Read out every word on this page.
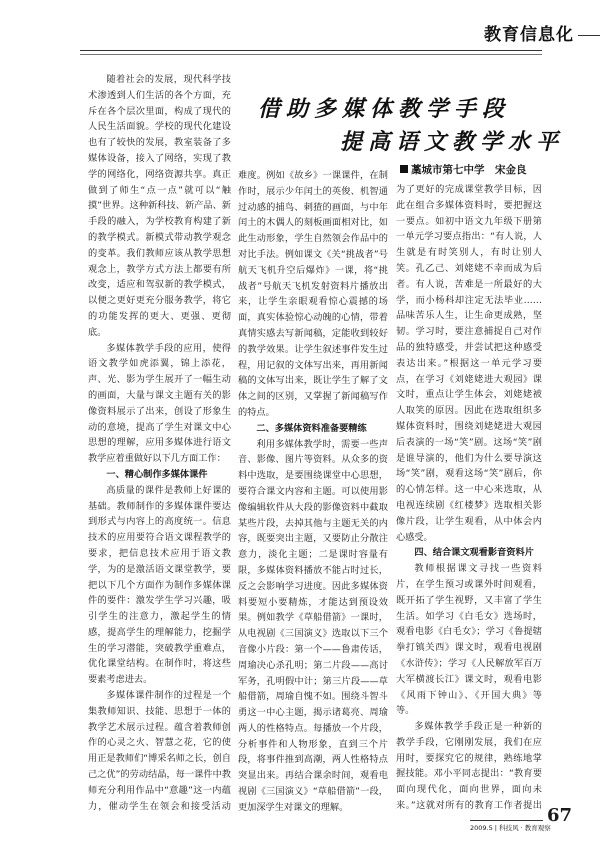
教育信息化
借助多媒体教学手段
提高语文教学水平
藁城市第七中学　宋金良

随着社会的发展，现代科学技术渗透到人们生活的各个方面，充斥在各个层次里面，构成了现代的人民生活面貌。学校的现代化建设也有了较快的发展，教室装备了多媒体设备，接入了网络，实现了教学的网络化，网络资源共享。真正做到了师生“点一点”就可以“触摸”世界。这种新科技、新产品、新手段的融入，为学校教育构建了新的教学模式。新模式带动教学观念的变革。我们教师应该从教学思想观念上，教学方式方法上都要有所改变，适应和驾驭新的教学模式，以便之更好更充分服务教学，将它的功能发挥的更大、更强、更彻底。

多媒体教学手段的应用，使得语文教学如虎添翼，锦上添花，声、光、影为学生展开了一幅生动的画面，大量与课文主题有关的影像资料展示了出来，创设了形象生动的意境，提高了学生对课文中心思想的理解，应用多媒体进行语文教学应着重做好以下几方面工作：

一、精心制作多媒体课件

高质量的课件是教师上好课的基础。教师制作的多媒体课件要达到形式与内容上的高度统一。信息技术的应用要符合语文课程教学的要求，把信息技术应用于语文教学，为的是激活语文课堂教学，要把以下几个方面作为制作多媒体课件的要件：激发学生学习兴趣，吸引学生的注意力，激起学生的情感，提高学生的理解能力，挖掘学生的学习潜能，突破教学重难点，优化课堂结构。在制作时，将这些要素考虑进去。

多媒体课件制作的过程是一个集教师知识、技能、思想于一体的教学艺术展示过程。蕴含着教师创作的心灵之火、智慧之花，它的使用正是教师们“博采名师之长，创自己之优”的劳动结晶，每一课件中教师充分利用作品中“意趣”这一内蕴力，催动学生在领会和接受活动

难度。例如《故乡》一课课件，在制作时，展示少年闰土的英俊、机智通过动感的捕鸟、刺猹的画面，与中年闰土的木偶人的刻板画面相对比，如此生动形象，学生自然领会作品中的对比手法。例如课文《关“挑战者”号航天飞机升空后爆炸》一课，将“挑战者”号航天飞机发射资料片播放出来，让学生亲眼观看惊心震撼的场面，真实体验惊心动魄的心情，带着真情实感去写新闻稿，定能收到较好的教学效果。让学生叙述事件发生过程，用记叙的文体写出来，再用新闻稿的文体写出来，既让学生了解了文体之间的区别，又掌握了新闻稿写作的特点。

二、多媒体资料准备要精练

利用多媒体教学时，需要一些声音、影像、图片等资料。从众多的资料中选取，是要围绕课堂中心思想，要符合课文内容和主题。可以使用影像编辑软件从大段的影像资料中截取某些片段，去掉其他与主题无关的内容，既要突出主题，又要防止分散注意力，淡化主题；二是课时容量有限，多媒体资料播放不能占时过长，反之会影响学习进度。因此多媒体资料要短小要精炼，才能达到预设效果。例如教学《草船借箭》一课时，从电视剧《三国演义》选取以下三个音像小片段：第一个——鲁肃传话，周瑜决心杀孔明；第二片段——高讨军务，孔明假中计；第三片段——草船借箭，周瑜自愧不如。围绕斗智斗勇这一中心主题，揭示诸葛亮、周瑜两人的性格特点。每播放一个片段，分析事件和人物形象，直到三个片段，将事件推到高潮，两人性格特点突显出来。再结合课余时间，观看电视剧《三国演义》“草船借箭”一段，更加深学生对课文的理解。

为了更好的完成课堂教学目标，因此在组合多媒体资料时，要把握这一要点。如初中语文九年级下册第一单元学习要点指出：“有人说，人生就是有时笑别人，有时让别人笑。孔乙己、刘姥姥不幸而成为后者。有人说，苦难是一所最好的大学，而小杨科却注定无法毕业……品味苦乐人生，让生命更成熟，坚韧。学习时，要注意捕捉自己对作品的独特感受，并尝试把这种感受表达出来。”根据这一单元学习要点，在学习《刘姥姥进大观园》课文时，重点让学生体会，刘姥姥被人取笑的原因。因此在选取组织多媒体资料时，围绕刘姥姥进大观园后表演的一场“笑”剧。这场“笑”剧是谁导演的，他们为什么要导演这场“笑”剧，观看这场“笑”剧后，你的心情怎样。这一中心来选取，从电视连续剧《红楼梦》选取相关影像片段，让学生观看，从中体会内心感受。

四、结合课文观看影音资料片

教师根据课文寻找一些资料片，在学生预习或课外时间观看，既开拓了学生视野，又丰富了学生生活。如学习《白毛女》选场时，观看电影《白毛女》；学习《鲁提辖拳打镇关西》课文时，观看电视剧《水浒传》；学习《人民解放军百万大军横渡长江》课文时，观看电影《风雨下钟山》、《开国大典》等等。

多媒体教学手段正是一种新的教学手段，它刚刚发展，我们在应用时，要探究它的规律，熟练地掌握技能。邓小平同志提出：“教育要面向现代化，面向世界，面向未来。”这就对所有的教育工作者提出 67
2009.5 | 科技风 · 教育观察
